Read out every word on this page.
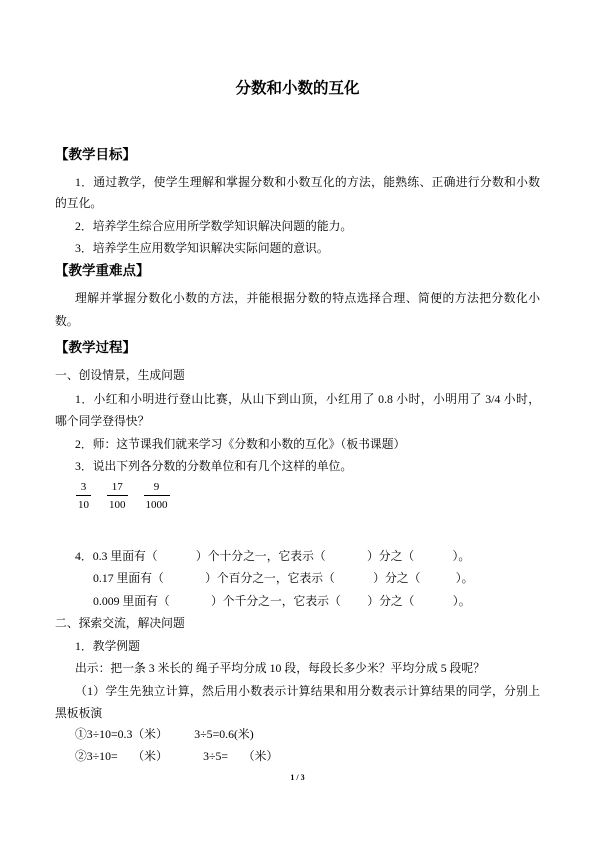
分数和小数的互化
【教学目标】
1．通过教学，使学生理解和掌握分数和小数互化的方法，能熟练、正确进行分数和小数
的互化。
2．培养学生综合应用所学数学知识解决问题的能力。
3．培养学生应用数学知识解决实际问题的意识。
【教学重难点】
理解并掌握分数化小数的方法，并能根据分数的特点选择合理、简便的方法把分数化小
数。
【教学过程】
一、创设情景，生成问题
1．小红和小明进行登山比赛，从山下到山顶，小红用了 0.8 小时，小明用了 3/4 小时，
哪个同学登得快？
2．师：这节课我们就来学习《分数和小数的互化》（板书课题）
3．说出下列各分数的分数单位和有几个这样的单位。
$\frac{3}{10} \frac{17}{100} \frac{9}{1000}$
4．0.3 里面有（             ）个十分之一，它表示（              ）分之（             ）。
0.17 里面有（              ）个百分之一，它表示（             ）分之（            ）。
0.009 里面有（              ）个千分之一，它表示（         ）分之（             ）。
二、探索交流，解决问题
1．教学例题
出示：把一条 3 米长的 绳子平均分成 10 段，每段长多少米？平均分成 5 段呢？
（1）学生先独立计算，然后用小数表示计算结果和用分数表示计算结果的同学，分别上
黑板板演
①3÷10=0.3（米）         3÷5=0.6(米)
②3÷10=     （米）            3÷5=     （米）
1 / 3
